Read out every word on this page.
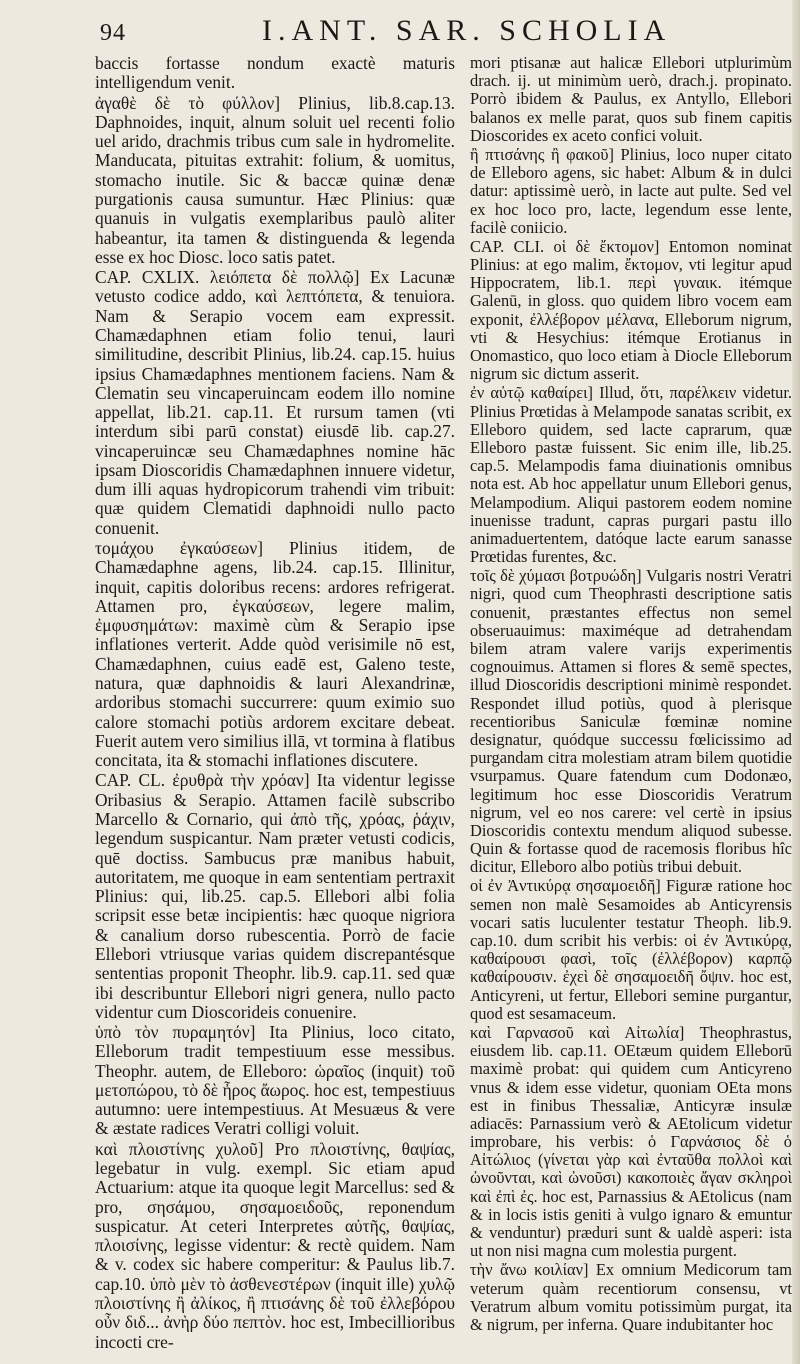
94	I.ANT. SAR. SCHOLIA

baccis fortasse nondum exactè maturis intelligendum venit.

ἀγαθὲ δὲ τὸ φύλλον] Plinius, lib.8.cap.13. Daphnoides, inquit, alnum soluit uel recenti folio uel arido, drachmis tribus cum sale in hydromelite. Manducata, pituitas extrahit: folium, & uomitus, stomacho inutile. Sic & baccæ quinæ denæ purgationis causa sumuntur. Hæc Plinius: quæ quanuis in vulgatis exemplaribus paulò aliter habeantur, ita tamen & distinguenda & legenda esse ex hoc Diosc. loco satis patet.

CAP. CXLIX. λειόπετα δὲ πολλῷ] Ex Lacunæ vetusto codice addo, καὶ λεπτόπετα, & tenuiora. Nam & Serapio vocem eam expressit. Chamædaphnen etiam folio tenui, lauri similitudine, describit Plinius, lib.24. cap.15. huius ipsius Chamædaphnes mentionem faciens. Nam & Clematin seu vincaperuincam eodem illo nomine appellat, lib.21. cap.11. Et rursum tamen (vti interdum sibi parū constat) eiusdē lib. cap.27. vincaperuincæ seu Chamædaphnes nomine hāc ipsam Dioscoridis Chamædaphnen innuere videtur, dum illi aquas hydropicorum trahendi vim tribuit: quæ quidem Clematidi daphnoidi nullo pacto conuenit.

τομάχου ἐγκαύσεων] Plinius itidem, de Chamædaphne agens, lib.24. cap.15. Illinitur, inquit, capitis doloribus recens: ardores refrigerat. Attamen pro, ἐγκαύσεων, legere malim, ἐμφυσημάτων: maximè cùm & Serapio ipse inflationes verterit. Adde quòd verisimile nō est, Chamædaphnen, cuius eadē est, Galeno teste, natura, quæ daphnoidis & lauri Alexandrinæ, ardoribus stomachi succurrere: quum eximio suo calore stomachi potiùs ardorem excitare debeat. Fuerit autem vero similius illā, vt tormina à flatibus concitata, ita & stomachi inflationes discutere.

CAP. CL. ἐρυθρὰ τὴν χρόαν] Ita videntur legisse Oribasius & Serapio. Attamen facilè subscribo Marcello & Cornario, qui ἀπὸ τῆς, χρόας, ῥάχιν, legendum suspicantur. Nam præter vetusti codicis, quē doctiss. Sambucus præ manibus habuit, autoritatem, me quoque in eam sententiam pertraxit Plinius: qui, lib.25. cap.5. Ellebori albi folia scripsit esse betæ incipientis: hæc quoque nigriora & canalium dorso rubescentia. Porrò de facie Ellebori vtriusque varias quidem discrepantésque sententias proponit Theophr. lib.9. cap.11. sed quæ ibi describuntur Ellebori nigri genera, nullo pacto videntur cum Dioscorideis conuenire.

ὑπὸ τὸν πυραμητόν] Ita Plinius, loco citato, Elleborum tradit tempestiuum esse messibus. Theophr. autem, de Elleboro: ὡραῖος (inquit) τοῦ μετοπώρου, τὸ δὲ ἦρος ἄωρος. hoc est, tempestiuus autumno: uere intempestiuus. At Mesuæus & vere & æstate radices Veratri colligi voluit.

καὶ πλοιστίνης χυλοῦ] Pro πλοιστίνης, θαψίας, legebatur in vulg. exempl. Sic etiam apud Actuarium: atque ita quoque legit Marcellus: sed & pro, σησάμου, σησαμοειδοῦς, reponendum suspicatur. At ceteri Interpretes αὐτῆς, θαψίας, πλοισίνης, legisse videntur: & rectè quidem. Nam & v. codex sic habere comperitur: & Paulus lib.7. cap.10. ὑπὸ μὲν τὸ ἀσθενεστέρων (inquit ille) χυλῷ πλοιστίνης ἢ ἀλίκος, ἢ πτισάνης δὲ τοῦ ἐλλεβόρου οὖν διδ... ἀνὴρ δύο πεπτὸν. hoc est, Imbecillioribus incocti cre-

mori ptisanæ aut halicæ Ellebori utplurimùm drach. ij. ut minimùm uerò, drach.j. propinato. Porrò ibidem & Paulus, ex Antyllo, Ellebori balanos ex melle parat, quos sub finem capitis Dioscorides ex aceto confici voluit.

ἢ πτισάνης ἢ φακοῦ] Plinius, loco nuper citato de Elleboro agens, sic habet: Album & in dulci datur: aptissimè uerò, in lacte aut pulte. Sed vel ex hoc loco pro, lacte, legendum esse lente, facilè coniicio.

CAP. CLI. οἱ δὲ ἔκτομον] Entomon nominat Plinius: at ego malim, ἔκτομον, vti legitur apud Hippocratem, lib.1. περὶ γυναικ. itémque Galenū, in gloss. quo quidem libro vocem eam exponit, ἐλλέβορον μέλανα, Elleborum nigrum, vti & Hesychius: itémque Erotianus in Onomastico, quo loco etiam à Diocle Elleborum nigrum sic dictum asserit.

ἐν αὐτῷ καθαίρει] Illud, ὅτι, παρέλκειν videtur. Plinius Prœtidas à Melampode sanatas scribit, ex Elleboro quidem, sed lacte caprarum, quæ Elleboro pastæ fuissent. Sic enim ille, lib.25. cap.5. Melampodis fama diuinationis omnibus nota est. Ab hoc appellatur unum Ellebori genus, Melampodium. Aliqui pastorem eodem nomine inuenisse tradunt, capras purgari pastu illo animaduertentem, datóque lacte earum sanasse Prœtidas furentes, &c.

τοῖς δὲ χύμασι βοτρυώδη] Vulgaris nostri Veratri nigri, quod cum Theophrasti descriptione satis conuenit, præstantes effectus non semel obseruauimus: maximéque ad detrahendam bilem atram valere varijs experimentis cognouimus. Attamen si flores & semē spectes, illud Dioscoridis descriptioni minimè respondet. Respondet illud potiùs, quod à plerisque recentioribus Saniculæ fœminæ nomine designatur, quódque successu fœlicissimo ad purgandam citra molestiam atram bilem quotidie vsurpamus. Quare fatendum cum Dodonæo, legitimum hoc esse Dioscoridis Veratrum nigrum, vel eo nos carere: vel certè in ipsius Dioscoridis contextu mendum aliquod subesse. Quin & fortasse quod de racemosis floribus hîc dicitur, Elleboro albo potiùs tribui debuit.

οἱ ἐν Ἀντικύρᾳ σησαμοειδῆ] Figuræ ratione hoc semen non malè Sesamoides ab Anticyrensis vocari satis luculenter testatur Theoph. lib.9. cap.10. dum scribit his verbis: οἱ ἐν Ἀντικύρᾳ, καθαίρουσι φασὶ, τοῖς (ἐλλέβορον) καρπῷ καθαίρουσιν. ἐχεὶ δὲ σησαμοειδῆ ὄψιν. hoc est, Anticyreni, ut fertur, Ellebori semine purgantur, quod est sesamaceum.

καὶ Γαρνασοῦ καὶ Αἰτωλία] Theophrastus, eiusdem lib. cap.11. OEtæum quidem Elleborū maximè probat: qui quidem cum Anticyreno vnus & idem esse videtur, quoniam OEta mons est in finibus Thessaliæ, Anticyræ insulæ adiacēs: Parnassium verò & AEtolicum videtur improbare, his verbis: ὁ Γαρνάσιος δὲ ὁ Αἰτώλιος (γίνεται γὰρ καὶ ἐνταῦθα πολλοὶ καὶ ὠνοῦνται, καὶ ὠνοῦσι) κακοποιὲς ἄγαν σκληροὶ καὶ ἐπὶ ἐς. hoc est, Parnassius & AEtolicus (nam & in locis istis geniti à vulgo ignaro & emuntur & venduntur) præduri sunt & ualdè asperi: ista ut non nisi magna cum molestia purgent.

τὴν ἄνω κοιλίαν] Ex omnium Medicorum tam veterum quàm recentiorum consensu, vt Veratrum album vomitu potissimùm purgat, ita & nigrum, per inferna. Quare indubitanter hoc
